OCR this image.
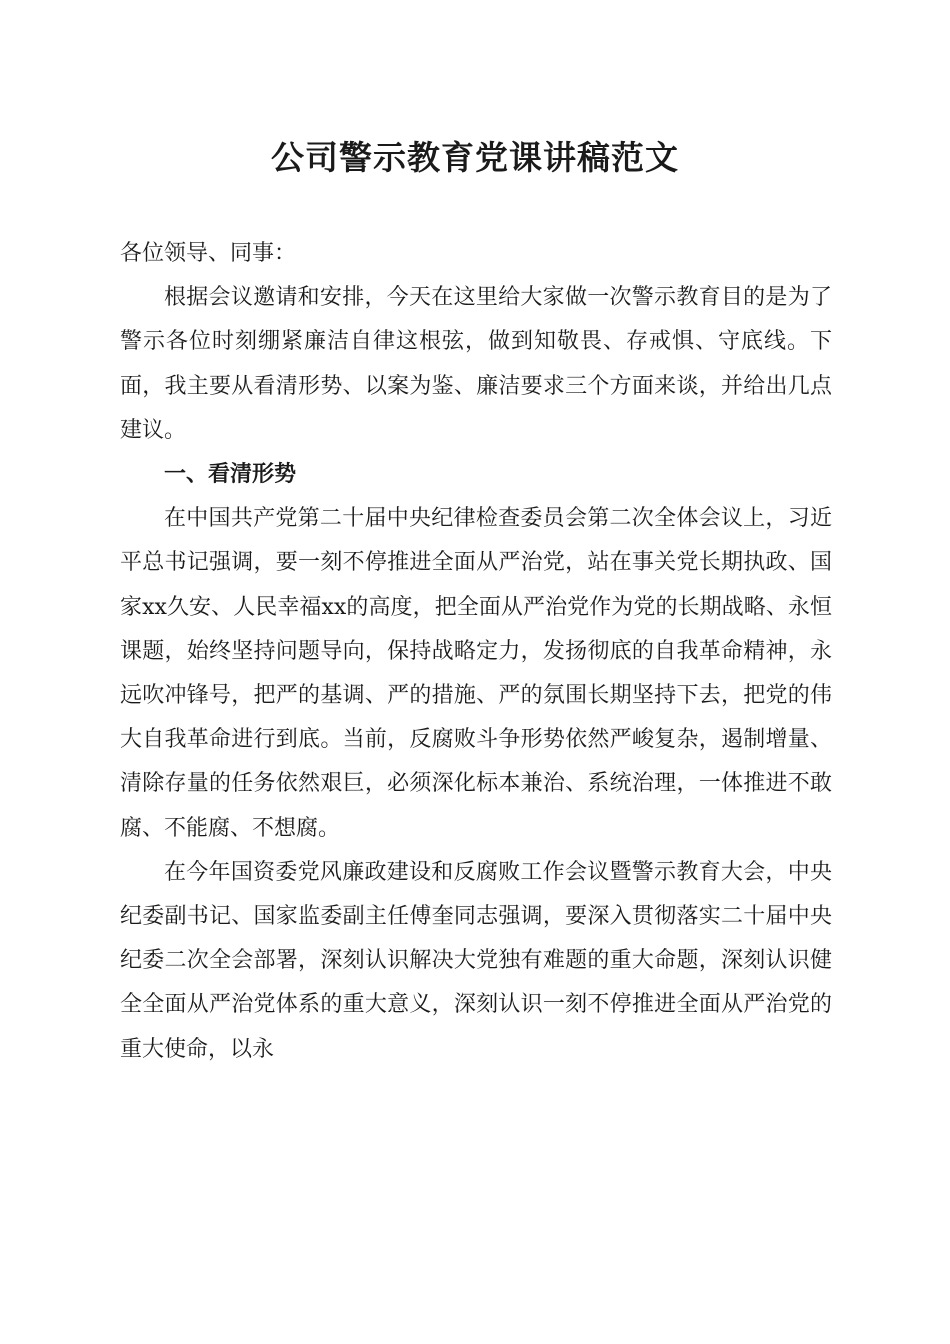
公司警示教育党课讲稿范文

各位领导、同事：

根据会议邀请和安排，今天在这里给大家做一次警示教育目的是为了警示各位时刻绷紧廉洁自律这根弦，做到知敬畏、存戒惧、守底线。下面，我主要从看清形势、以案为鉴、廉洁要求三个方面来谈，并给出几点建议。

一、看清形势

在中国共产党第二十届中央纪律检查委员会第二次全体会议上，习近平总书记强调，要一刻不停推进全面从严治党，站在事关党长期执政、国家xx久安、人民幸福xx的高度，把全面从严治党作为党的长期战略、永恒课题，始终坚持问题导向，保持战略定力，发扬彻底的自我革命精神，永远吹冲锋号，把严的基调、严的措施、严的氛围长期坚持下去，把党的伟大自我革命进行到底。当前，反腐败斗争形势依然严峻复杂，遏制增量、清除存量的任务依然艰巨，必须深化标本兼治、系统治理，一体推进不敢腐、不能腐、不想腐。

在今年国资委党风廉政建设和反腐败工作会议暨警示教育大会，中央纪委副书记、国家监委副主任傅奎同志强调，要深入贯彻落实二十届中央纪委二次全会部署，深刻认识解决大党独有难题的重大命题，深刻认识健全全面从严治党体系的重大意义，深刻认识一刻不停推进全面从严治党的重大使命，以永
